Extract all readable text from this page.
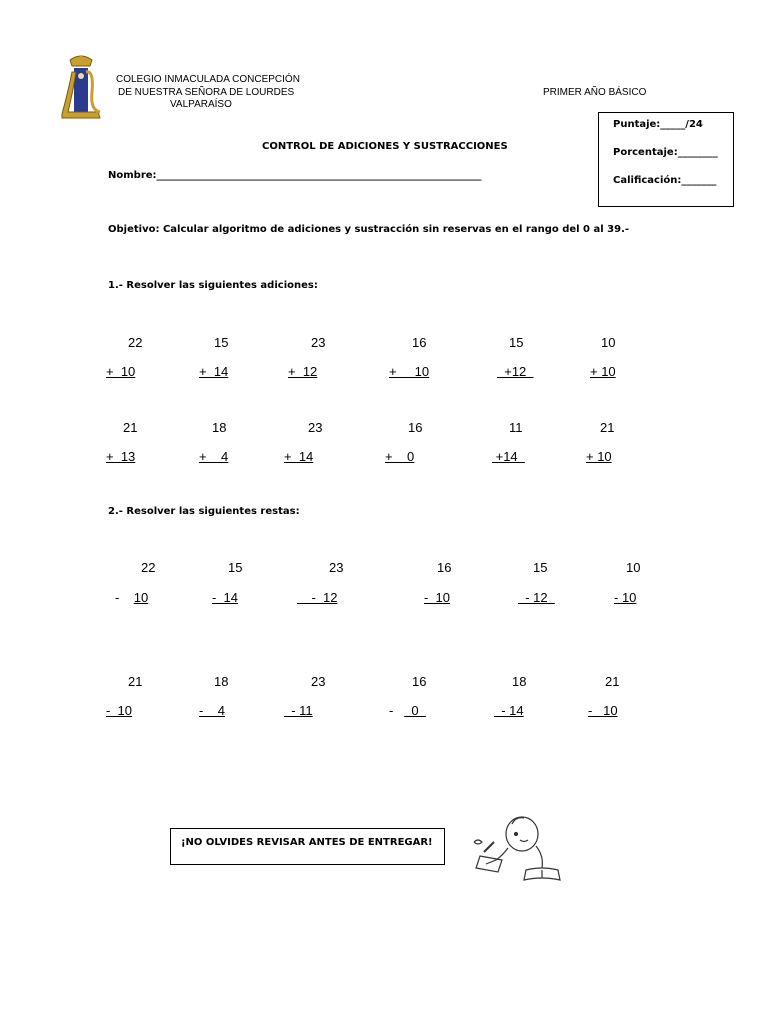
COLEGIO INMACULADA CONCEPCIÓN
DE NUESTRA SEÑORA DE LOURDES
VALPARAÍSO
PRIMER AÑO BÁSICO
Puntaje:_____/24
Porcentaje:________
Calificación:_______
CONTROL DE ADICIONES Y SUSTRACCIONES
Nombre:_________________________________________________________________
Objetivo: Calcular algoritmo de adiciones y sustracción sin reservas en el rango del 0 al 39.-
1.- Resolver las siguientes adiciones:
22	15	23	16	15	10
+  10	+  14	+  12	+     10	+12	+ 10
21	18	23	16	11	21
+  13	+    4	+  14	+    0	+14	+ 10
2.- Resolver las siguientes restas:
22	15	23	16	15	10
-    10	-  14	-  12	-  10	- 12	- 10
21	18	23	16	18	21
-  10	-    4	- 11	-     0	- 14	-   10
¡NO OLVIDES REVISAR ANTES DE ENTREGAR!
